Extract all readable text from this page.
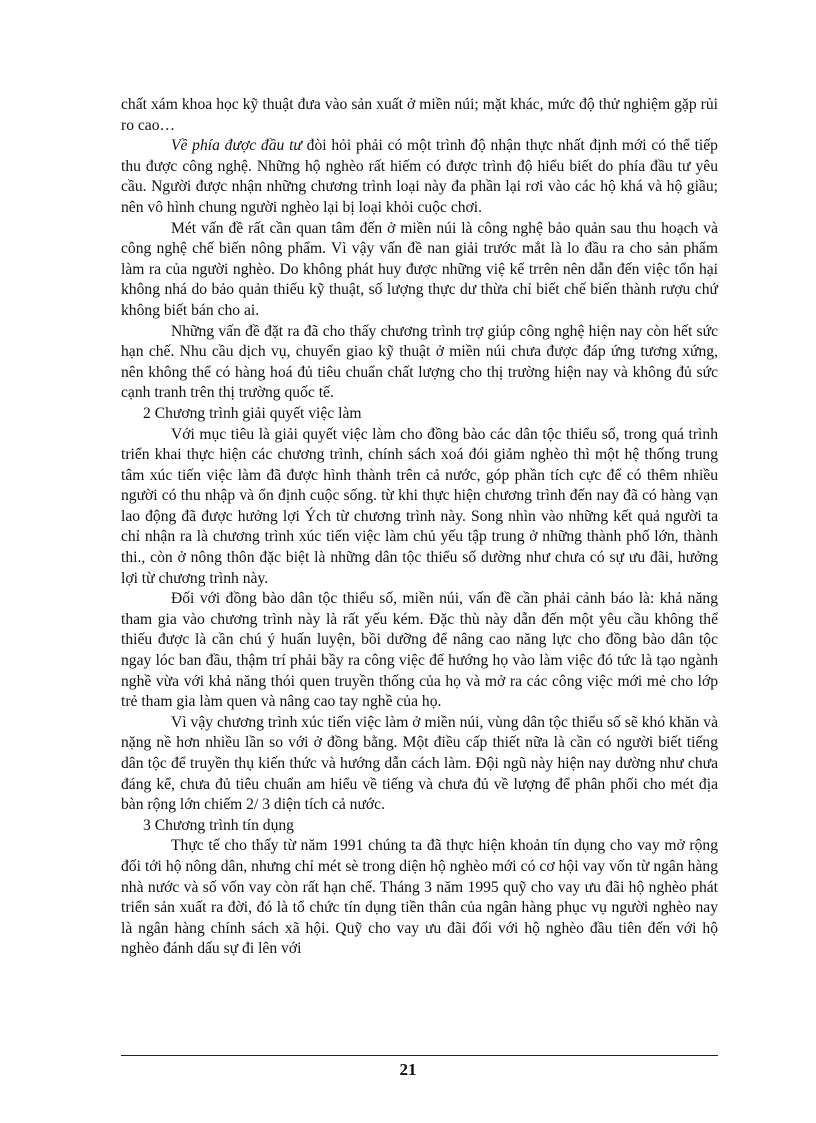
chất xám khoa học kỹ thuật đưa vào sản xuất ở miền núi; mặt khác, mức độ thử nghiệm gặp rủi ro cao…

Về phía được đầu tư đòi hỏi phải có một trình độ nhận thực nhất định mới có thể tiếp thu được công nghệ. Những hộ nghèo rất hiếm có được trình độ hiểu biết do phía đầu tư yêu cầu. Người được nhận những chương trình loại này đa phần lại rơi vào các hộ khá và hộ giầu; nên vô hình chung người nghèo lại bị loại khỏi cuộc chơi.

Mét vấn đề rất cần quan tâm đến ở miền núi là công nghệ bảo quản sau thu hoạch và công nghệ chế biến nông phẩm. Vì vậy vấn đề nan giải trước mắt là lo đầu ra cho sản phẩm làm ra của người nghèo. Do không phát huy được những việ kể trrên nên dẫn đến việc tổn hại không nhá do bảo quản thiếu kỹ thuật, số lượng thực dư thừa chỉ biết chế biến thành rượu chứ không biết bán cho ai.

Những vấn đề đặt ra đã cho thấy chương trình trợ giúp công nghệ hiện nay còn hết sức hạn chế. Nhu cầu dịch vụ, chuyển giao kỹ thuật ở miền núi chưa được đáp ứng tương xứng, nên không thể có hàng hoá đủ tiêu chuẩn chất lượng cho thị trường hiện nay và không đủ sức cạnh tranh trên thị trường quốc tế.

2 Chương trình giải quyết việc làm

Với mục tiêu là giải quyết việc làm cho đồng bào các dân tộc thiểu số, trong quá trình triển khai thực hiện các chương trình, chính sách xoá đói giảm nghèo thì một hệ thống trung tâm xúc tiến việc làm đã được hình thành trên cả nước, góp phần tích cực để có thêm nhiều người có thu nhập và ổn định cuộc sống. từ khi thực hiện chương trình đến nay đã có hàng vạn lao động đã được hưởng lợi Ých từ chương trình này. Song nhìn vào những kết quả người ta chỉ nhận ra là chương trình xúc tiến việc làm chủ yếu tập trung ở những thành phố lớn, thành thi., còn ở nông thôn đặc biệt là những dân tộc thiểu số dường như chưa có sự ưu đãi, hưởng lợi từ chương trình này.

Đối với đồng bào dân tộc thiểu số, miền núi, vấn đề cần phải cảnh báo là: khả năng tham gia vào chương trình này là rất yếu kém. Đặc thù này dẫn đến một yêu cầu không thể thiếu được là cần chú ý huấn luyện, bồi dưỡng để nâng cao năng lực cho đồng bào dân tộc ngay lóc ban đầu, thậm trí phải bầy ra công việc để hướng họ vào làm việc đó tức là tạo ngành nghề vừa với khả năng thói quen truyền thống của họ và mở ra các công việc mới mẻ cho lớp trẻ tham gia làm quen và nâng cao tay nghề của họ.

Vì vậy chương trình xúc tiến việc làm ở miền núi, vùng dân tộc thiểu số sẽ khó khăn và nặng nề hơn nhiều lần so với ở đồng bằng. Một điều cấp thiết nữa là cần có người biết tiếng dân tộc để truyền thụ kiến thức và hướng dẫn cách làm. Đội ngũ này hiện nay dường như chưa đáng kể, chưa đủ tiêu chuẩn am hiểu về tiếng và chưa đủ về lượng để phân phối cho mét địa bàn rộng lớn chiếm 2/ 3 diện tích cả nước.

3 Chương trình tín dụng

Thực tế cho thấy từ năm 1991 chúng ta đã thực hiện khoản tín dụng cho vay mở rộng đối tới hộ nông dân, nhưng chỉ mét sè trong diện hộ nghèo mới có cơ hội vay vốn từ ngân hàng nhà nước và số vốn vay còn rất hạn chế. Tháng 3 năm 1995 quỹ cho vay ưu đãi hộ nghèo phát triển sản xuất ra đời, đó là tổ chức tín dụng tiền thân của ngân hàng phục vụ người nghèo nay là ngân hàng chính sách xã hội. Quỹ cho vay ưu đãi đối với hộ nghèo đầu tiên đến với hộ nghèo đánh dấu sự đi lên với

21
